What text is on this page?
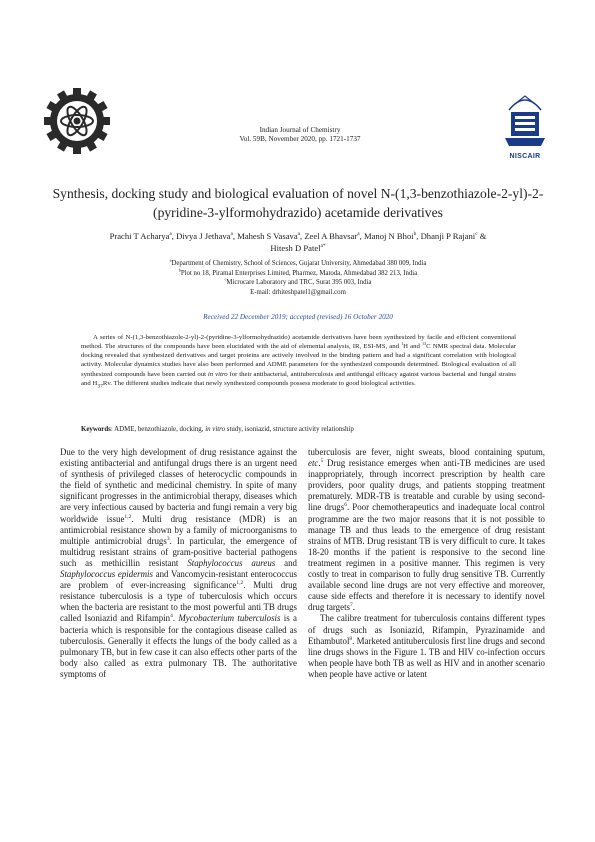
NISCAIR
Indian Journal of Chemistry
Vol. 59B, November 2020, pp. 1721-1737
Synthesis, docking study and biological evaluation of novel N-(1,3-benzothiazole-2-yl)-2-(pyridine-3-ylformohydrazido) acetamide derivatives
Prachi T Acharya$^a$, Divya J Jethava$^a$, Mahesh S Vasava$^a$, Zeel A Bhavsar$^a$, Manoj N Bhoi$^b$, Dhanji P Rajani$^c$ &
Hitesh D Patel$^{a*}$
$^a$Department of Chemistry, School of Sciences, Gujarat University, Ahmedabad 380 009, India
$^b$Plot no 18, Piramal Enterprises Limited, Pharmez, Matoda, Ahmedabad 382 213, India
$^c$Microcare Laboratory and TRC, Surat 395 003, India
E-mail: drhiteshpatel1@gmail.com
Received 22 December 2019; accepted (revised) 16 October 2020
A series of N-(1,3-benzothiazole-2-yl)-2-(pyridine-3-ylformohydrazido) acetamide derivatives have been synthesized by facile and efficient conventional method. The structures of the compounds have been elucidated with the aid of elemental analysis, IR, ESI-MS, and $^1$H and $^{13}$C NMR spectral data. Molecular docking revealed that synthesized derivatives and target proteins are actively involved in the binding pattern and had a significant correlation with biological activity. Molecular dynamics studies have also been performed and ADME parameters for the synthesized compounds determined. Biological evaluation of all synthesized compounds have been carried out in vitro for their antibacterial, antituberculosis and antifungal efficacy against various bacterial and fungal strains and $H_{37}Rv$. The different studies indicate that newly synthesized compounds possess moderate to good biological activities.
Keywords: ADME, benzothiazole, docking, in vitro study, isoniazid, structure activity relationship

Due to the very high development of drug resistance against the existing antibacterial and antifungal drugs there is an urgent need of synthesis of privileged classes of heterocyclic compounds in the field of synthetic and medicinal chemistry. In spite of many significant progresses in the antimicrobial therapy, diseases which are very infectious caused by bacteria and fungi remain a very big worldwide issue$^{1,2}$. Multi drug resistance (MDR) is an antimicrobial resistance shown by a family of microorganisms to multiple antimicrobial drugs$^3$. In particular, the emergence of multidrug resistant strains of gram-positive bacterial pathogens such as methicillin resistant Staphylococcus aureus and Staphylococcus epidermis and Vancomycin-resistant enterococcus are problem of ever-increasing significance$^{1,2}$. Multi drug resistance tuberculosis is a type of tuberculosis which occurs when the bacteria are resistant to the most powerful anti TB drugs called Isoniazid and Rifampin$^4$. Mycobacterium tuberculosis is a bacteria which is responsible for the contagious disease called as tuberculosis. Generally it effects the lungs of the body called as a pulmonary TB, but in few case it can also effects other parts of the body also called as extra pulmonary TB. The authoritative symptoms of

tuberculosis are fever, night sweats, blood containing sputum, etc.$^5$ Drug resistance emerges when anti-TB medicines are used inappropriately, through incorrect prescription by health care providers, poor quality drugs, and patients stopping treatment prematurely. MDR-TB is treatable and curable by using second-line drugs$^6$. Poor chemotherapeutics and inadequate local control programme are the two major reasons that it is not possible to manage TB and thus leads to the emergence of drug resistant strains of MTB. Drug resistant TB is very difficult to cure. It takes 18-20 months if the patient is responsive to the second line treatment regimen in a positive manner. This regimen is very costly to treat in comparison to fully drug sensitive TB. Currently available second line drugs are not very effective and moreover, cause side effects and therefore it is necessary to identify novel drug targets$^7$.

The calibre treatment for tuberculosis contains different types of drugs such as Isoniazid, Rifampin, Pyrazinamide and Ethambutol$^8$. Marketed antituberculosis first line drugs and second line drugs shows in the Figure 1. TB and HIV co-infection occurs when people have both TB as well as HIV and in another scenario when people have active or latent
